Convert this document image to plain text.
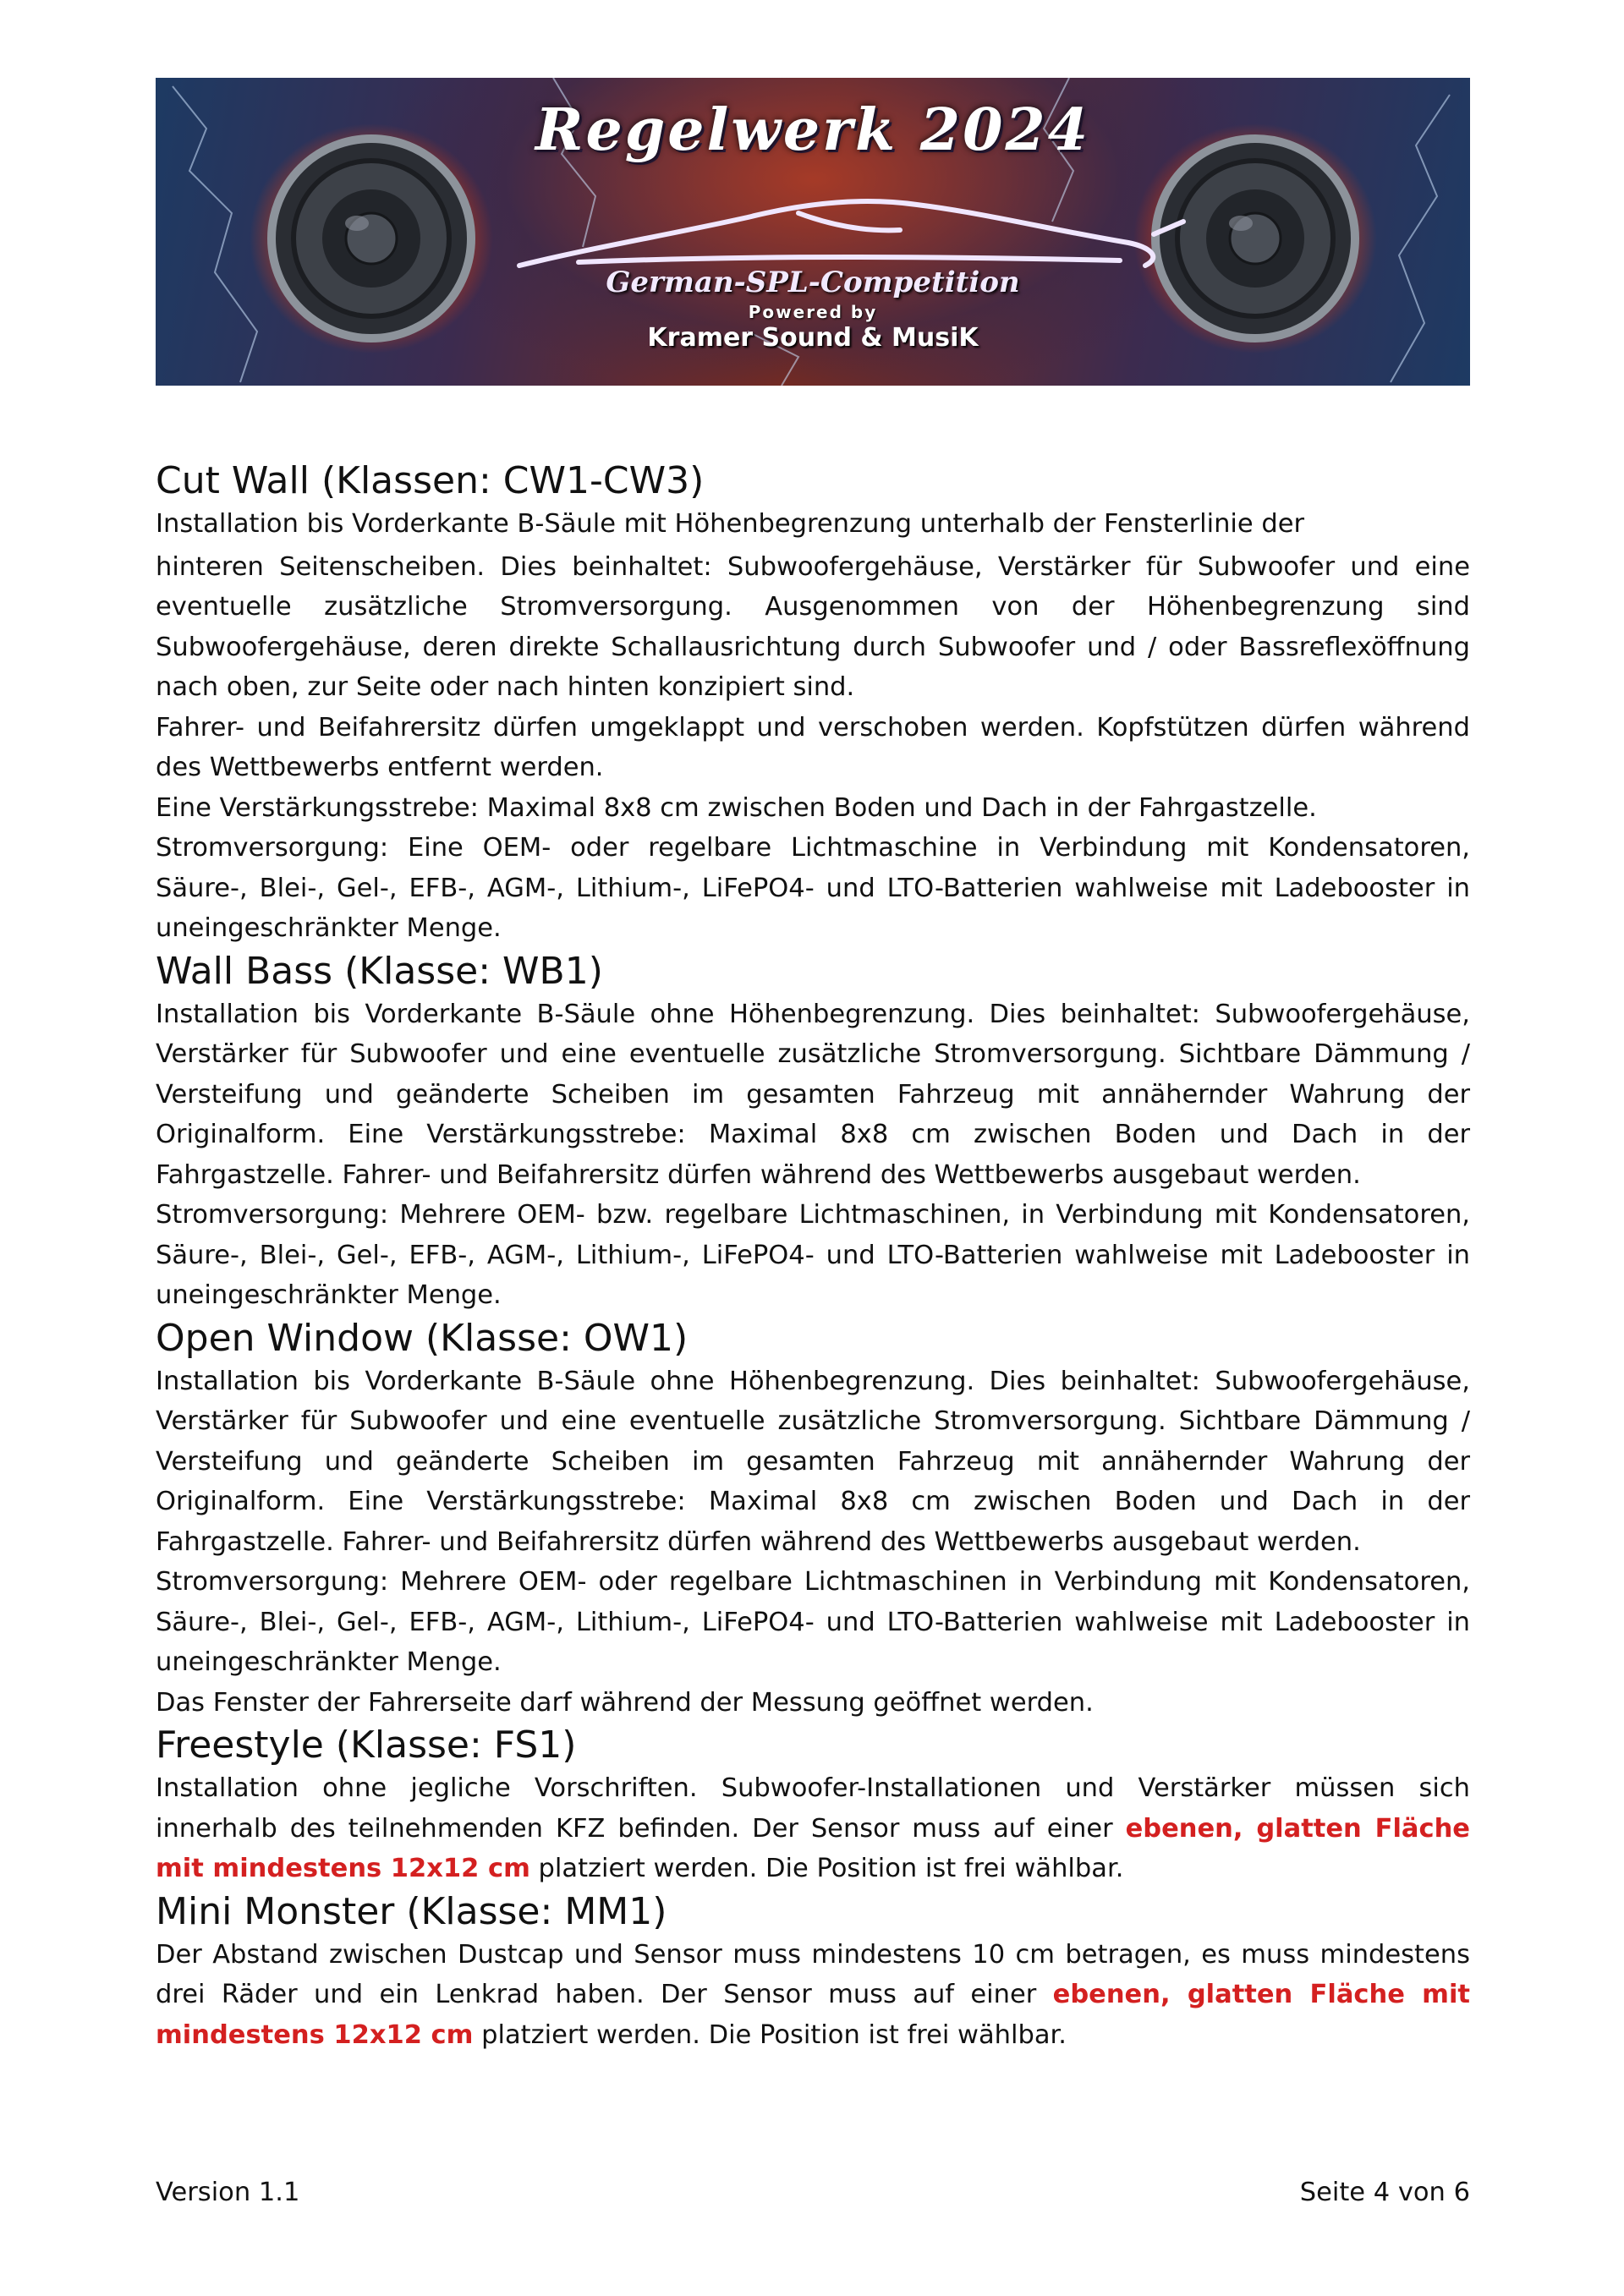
Regelwerk 2024
German-SPL-Competition
Powered by
Kramer Sound & MusiK
Cut Wall (Klassen: CW1-CW3)

Installation bis Vorderkante B-Säule mit Höhenbegrenzung unterhalb der Fensterlinie der

hinteren Seitenscheiben. Dies beinhaltet: Subwoofergehäuse, Verstärker für Subwoofer und eine eventuelle zusätzliche Stromversorgung. Ausgenommen von der Höhenbegrenzung sind Subwoofergehäuse, deren direkte Schallausrichtung durch Subwoofer und / oder Bassreflexöffnung nach oben, zur Seite oder nach hinten konzipiert sind.

Fahrer- und Beifahrersitz dürfen umgeklappt und verschoben werden. Kopfstützen dürfen während des Wettbewerbs entfernt werden.

Eine Verstärkungsstrebe: Maximal 8x8 cm zwischen Boden und Dach in der Fahrgastzelle.

Stromversorgung: Eine OEM- oder regelbare Lichtmaschine in Verbindung mit Kondensatoren, Säure-, Blei-, Gel-, EFB-, AGM-, Lithium-, LiFePO4- und LTO-Batterien wahlweise mit Ladebooster in uneingeschränkter Menge.

Wall Bass (Klasse: WB1)

Installation bis Vorderkante B-Säule ohne Höhenbegrenzung. Dies beinhaltet: Subwoofergehäuse, Verstärker für Subwoofer und eine eventuelle zusätzliche Stromversorgung. Sichtbare Dämmung / Versteifung und geänderte Scheiben im gesamten Fahrzeug mit annähernder Wahrung der Originalform. Eine Verstärkungsstrebe: Maximal 8x8 cm zwischen Boden und Dach in der Fahrgastzelle. Fahrer- und Beifahrersitz dürfen während des Wettbewerbs ausgebaut werden.

Stromversorgung: Mehrere OEM- bzw. regelbare Lichtmaschinen, in Verbindung mit Kondensatoren, Säure-, Blei-, Gel-, EFB-, AGM-, Lithium-, LiFePO4- und LTO-Batterien wahlweise mit Ladebooster in uneingeschränkter Menge.

Open Window (Klasse: OW1)

Installation bis Vorderkante B-Säule ohne Höhenbegrenzung. Dies beinhaltet: Subwoofergehäuse, Verstärker für Subwoofer und eine eventuelle zusätzliche Stromversorgung. Sichtbare Dämmung / Versteifung und geänderte Scheiben im gesamten Fahrzeug mit annähernder Wahrung der Originalform. Eine Verstärkungsstrebe: Maximal 8x8 cm zwischen Boden und Dach in der Fahrgastzelle. Fahrer- und Beifahrersitz dürfen während des Wettbewerbs ausgebaut werden.

Stromversorgung: Mehrere OEM- oder regelbare Lichtmaschinen in Verbindung mit Kondensatoren, Säure-, Blei-, Gel-, EFB-, AGM-, Lithium-, LiFePO4- und LTO-Batterien wahlweise mit Ladebooster in uneingeschränkter Menge.

Das Fenster der Fahrerseite darf während der Messung geöffnet werden.

Freestyle (Klasse: FS1)

Installation ohne jegliche Vorschriften. Subwoofer-Installationen und Verstärker müssen sich innerhalb des teilnehmenden KFZ befinden. Der Sensor muss auf einer ebenen, glatten Fläche mit mindestens 12x12 cm platziert werden. Die Position ist frei wählbar.

Mini Monster (Klasse: MM1)

Der Abstand zwischen Dustcap und Sensor muss mindestens 10 cm betragen, es muss mindestens drei Räder und ein Lenkrad haben. Der Sensor muss auf einer ebenen, glatten Fläche mit mindestens 12x12 cm platziert werden. Die Position ist frei wählbar.

Version 1.1	Seite 4 von 6
